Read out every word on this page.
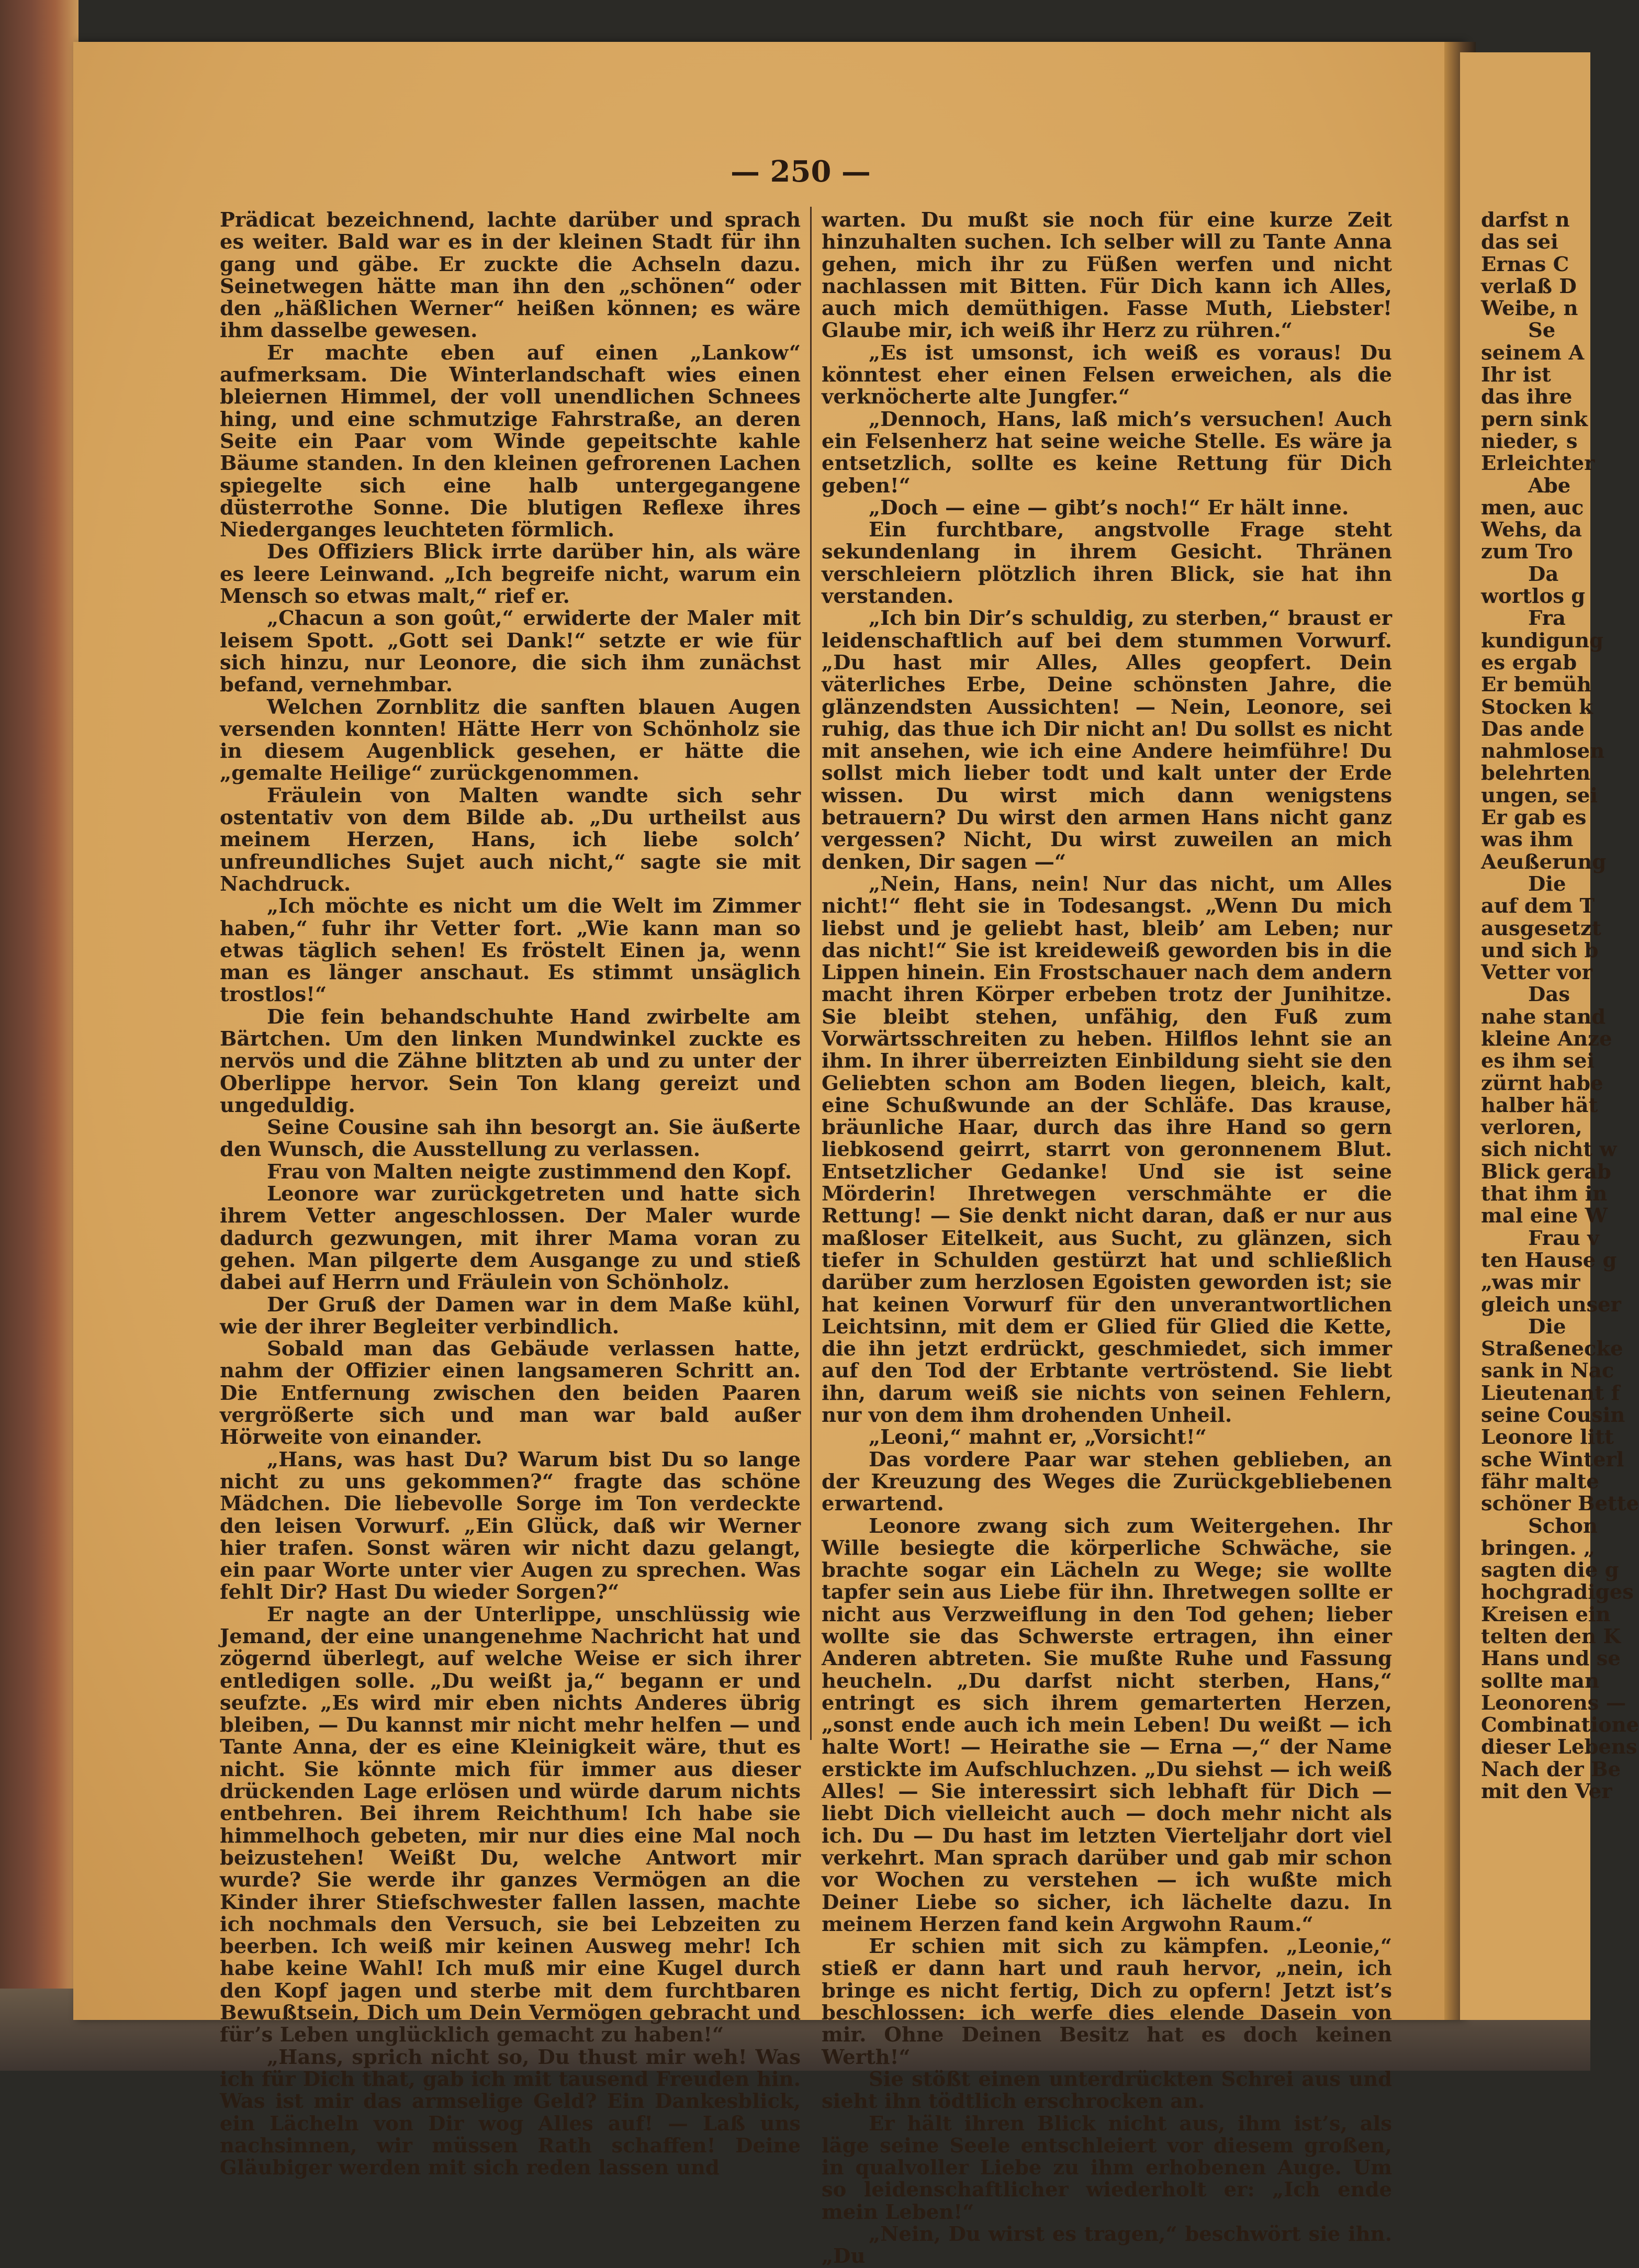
— 250 —

Prädicat bezeichnend, lachte darüber und sprach es weiter. Bald war es in der kleinen Stadt für ihn gang und gäbe. Er zuckte die Achseln dazu. Seinetwegen hätte man ihn den „schönen“ oder den „häßlichen Werner“ heißen können; es wäre ihm dasselbe gewesen.

Er machte eben auf einen „Lankow“ aufmerksam. Die Winterlandschaft wies einen bleiernen Himmel, der voll unendlichen Schnees hing, und eine schmutzige Fahrstraße, an deren Seite ein Paar vom Winde gepeitschte kahle Bäume standen. In den kleinen gefrorenen Lachen spiegelte sich eine halb untergegangene düsterrothe Sonne. Die blutigen Reflexe ihres Niederganges leuchteten förmlich.

Des Offiziers Blick irrte darüber hin, als wäre es leere Leinwand. „Ich begreife nicht, warum ein Mensch so etwas malt,“ rief er.

„Chacun a son goût,“ erwiderte der Maler mit leisem Spott. „Gott sei Dank!“ setzte er wie für sich hinzu, nur Leonore, die sich ihm zunächst befand, vernehmbar.

Welchen Zornblitz die sanften blauen Augen versenden konnten! Hätte Herr von Schönholz sie in diesem Augenblick gesehen, er hätte die „gemalte Heilige“ zurückgenommen.

Fräulein von Malten wandte sich sehr ostentativ von dem Bilde ab. „Du urtheilst aus meinem Herzen, Hans, ich liebe solch’ unfreundliches Sujet auch nicht,“ sagte sie mit Nachdruck.

„Ich möchte es nicht um die Welt im Zimmer haben,“ fuhr ihr Vetter fort. „Wie kann man so etwas täglich sehen! Es fröstelt Einen ja, wenn man es länger anschaut. Es stimmt unsäglich trostlos!“

Die fein behandschuhte Hand zwirbelte am Bärtchen. Um den linken Mundwinkel zuckte es nervös und die Zähne blitzten ab und zu unter der Oberlippe hervor. Sein Ton klang gereizt und ungeduldig.

Seine Cousine sah ihn besorgt an. Sie äußerte den Wunsch, die Ausstellung zu verlassen.

Frau von Malten neigte zustimmend den Kopf.

Leonore war zurückgetreten und hatte sich ihrem Vetter angeschlossen. Der Maler wurde dadurch gezwungen, mit ihrer Mama voran zu gehen. Man pilgerte dem Ausgange zu und stieß dabei auf Herrn und Fräulein von Schönholz.

Der Gruß der Damen war in dem Maße kühl, wie der ihrer Begleiter verbindlich.

Sobald man das Gebäude verlassen hatte, nahm der Offizier einen langsameren Schritt an. Die Entfernung zwischen den beiden Paaren vergrößerte sich und man war bald außer Hörweite von einander.

„Hans, was hast Du? Warum bist Du so lange nicht zu uns gekommen?“ fragte das schöne Mädchen. Die liebevolle Sorge im Ton verdeckte den leisen Vorwurf. „Ein Glück, daß wir Werner hier trafen. Sonst wären wir nicht dazu gelangt, ein paar Worte unter vier Augen zu sprechen. Was fehlt Dir? Hast Du wieder Sorgen?“

Er nagte an der Unterlippe, unschlüssig wie Jemand, der eine unangenehme Nachricht hat und zögernd überlegt, auf welche Weise er sich ihrer entledigen solle. „Du weißt ja,“ begann er und seufzte. „Es wird mir eben nichts Anderes übrig bleiben, — Du kannst mir nicht mehr helfen — und Tante Anna, der es eine Kleinigkeit wäre, thut es nicht. Sie könnte mich für immer aus dieser drückenden Lage erlösen und würde darum nichts entbehren. Bei ihrem Reichthum! Ich habe sie himmelhoch gebeten, mir nur dies eine Mal noch beizustehen! Weißt Du, welche Antwort mir wurde? Sie werde ihr ganzes Vermögen an die Kinder ihrer Stiefschwester fallen lassen, machte ich nochmals den Versuch, sie bei Lebzeiten zu beerben. Ich weiß mir keinen Ausweg mehr! Ich habe keine Wahl! Ich muß mir eine Kugel durch den Kopf jagen und sterbe mit dem furchtbaren Bewußtsein, Dich um Dein Vermögen gebracht und für’s Leben unglücklich gemacht zu haben!“

„Hans, sprich nicht so, Du thust mir weh! Was ich für Dich that, gab ich mit tausend Freuden hin. Was ist mir das armselige Geld? Ein Dankesblick, ein Lächeln von Dir wog Alles auf! — Laß uns nachsinnen, wir müssen Rath schaffen! Deine Gläubiger werden mit sich reden lassen und

warten. Du mußt sie noch für eine kurze Zeit hinzuhalten suchen. Ich selber will zu Tante Anna gehen, mich ihr zu Füßen werfen und nicht nachlassen mit Bitten. Für Dich kann ich Alles, auch mich demüthigen. Fasse Muth, Liebster! Glaube mir, ich weiß ihr Herz zu rühren.“

„Es ist umsonst, ich weiß es voraus! Du könntest eher einen Felsen erweichen, als die verknöcherte alte Jungfer.“

„Dennoch, Hans, laß mich’s versuchen! Auch ein Felsenherz hat seine weiche Stelle. Es wäre ja entsetzlich, sollte es keine Rettung für Dich geben!“

„Doch — eine — gibt’s noch!“ Er hält inne.

Ein furchtbare, angstvolle Frage steht sekundenlang in ihrem Gesicht. Thränen verschleiern plötzlich ihren Blick, sie hat ihn verstanden.

„Ich bin Dir’s schuldig, zu sterben,“ braust er leidenschaftlich auf bei dem stummen Vorwurf. „Du hast mir Alles, Alles geopfert. Dein väterliches Erbe, Deine schönsten Jahre, die glänzendsten Aussichten! — Nein, Leonore, sei ruhig, das thue ich Dir nicht an! Du sollst es nicht mit ansehen, wie ich eine Andere heimführe! Du sollst mich lieber todt und kalt unter der Erde wissen. Du wirst mich dann wenigstens betrauern? Du wirst den armen Hans nicht ganz vergessen? Nicht, Du wirst zuweilen an mich denken, Dir sagen —“

„Nein, Hans, nein! Nur das nicht, um Alles nicht!“ fleht sie in Todesangst. „Wenn Du mich liebst und je geliebt hast, bleib’ am Leben; nur das nicht!“ Sie ist kreideweiß geworden bis in die Lippen hinein. Ein Frostschauer nach dem andern macht ihren Körper erbeben trotz der Junihitze. Sie bleibt stehen, unfähig, den Fuß zum Vorwärtsschreiten zu heben. Hilflos lehnt sie an ihm. In ihrer überreizten Einbildung sieht sie den Geliebten schon am Boden liegen, bleich, kalt, eine Schußwunde an der Schläfe. Das krause, bräunliche Haar, durch das ihre Hand so gern liebkosend geirrt, starrt von geronnenem Blut. Entsetzlicher Gedanke! Und sie ist seine Mörderin! Ihretwegen verschmähte er die Rettung! — Sie denkt nicht daran, daß er nur aus maßloser Eitelkeit, aus Sucht, zu glänzen, sich tiefer in Schulden gestürzt hat und schließlich darüber zum herzlosen Egoisten geworden ist; sie hat keinen Vorwurf für den unverantwortlichen Leichtsinn, mit dem er Glied für Glied die Kette, die ihn jetzt erdrückt, geschmiedet, sich immer auf den Tod der Erbtante vertröstend. Sie liebt ihn, darum weiß sie nichts von seinen Fehlern, nur von dem ihm drohenden Unheil.

„Leoni,“ mahnt er, „Vorsicht!“

Das vordere Paar war stehen geblieben, an der Kreuzung des Weges die Zurückgebliebenen erwartend.

Leonore zwang sich zum Weitergehen. Ihr Wille besiegte die körperliche Schwäche, sie brachte sogar ein Lächeln zu Wege; sie wollte tapfer sein aus Liebe für ihn. Ihretwegen sollte er nicht aus Verzweiflung in den Tod gehen; lieber wollte sie das Schwerste ertragen, ihn einer Anderen abtreten. Sie mußte Ruhe und Fassung heucheln. „Du darfst nicht sterben, Hans,“ entringt es sich ihrem gemarterten Herzen, „sonst ende auch ich mein Leben! Du weißt — ich halte Wort! — Heirathe sie — Erna —,“ der Name erstickte im Aufschluchzen. „Du siehst — ich weiß Alles! — Sie interessirt sich lebhaft für Dich — liebt Dich vielleicht auch — doch mehr nicht als ich. Du — Du hast im letzten Vierteljahr dort viel verkehrt. Man sprach darüber und gab mir schon vor Wochen zu verstehen — ich wußte mich Deiner Liebe so sicher, ich lächelte dazu. In meinem Herzen fand kein Argwohn Raum.“

Er schien mit sich zu kämpfen. „Leonie,“ stieß er dann hart und rauh hervor, „nein, ich bringe es nicht fertig, Dich zu opfern! Jetzt ist’s beschlossen: ich werfe dies elende Dasein von mir. Ohne Deinen Besitz hat es doch keinen Werth!“

Sie stößt einen unterdrückten Schrei aus und sieht ihn tödtlich erschrocken an.

Er hält ihren Blick nicht aus, ihm ist’s, als läge seine Seele entschleiert vor diesem großen, in qualvoller Liebe zu ihm erhobenen Auge. Um so leidenschaftlicher wiederholt er: „Ich ende mein Leben!“

„Nein, Du wirst es tragen,“ beschwört sie ihn. „Du

darfst n
das sei
Ernas C
verlaß D
Weibe, n
Se
seinem A
Ihr ist
das ihre
pern sink
nieder, s
Erleichter
Abe
men, auc
Wehs, da
zum Tro
Da
wortlos g
Fra
kundigung
es ergab
Er bemüh
Stocken k
Das ande
nahmlosen
belehrten
ungen, sei
Er gab es
was ihm
Aeußerung
Die
auf dem T
ausgesetzt
und sich b
Vetter vor
Das
nahe stand
kleine Anze
es ihm sei
zürnt habe
halber hät
verloren,
sich nicht w
Blick gerab
that ihm in
mal eine W
Frau v
ten Hause g
„was mir
gleich unser
Die
Straßenecke
sank in Nac
Lieutenant f
seine Cousin
Leonore litt
sche Winterl
fähr malte
schöner Bette
Schon
bringen. „
sagten die g
hochgradiges
Kreisen ein
telten den K
Hans und se
sollte man
Leonorens —
Combinatione
dieser Lebens
Nach der Be
mit den Ver
